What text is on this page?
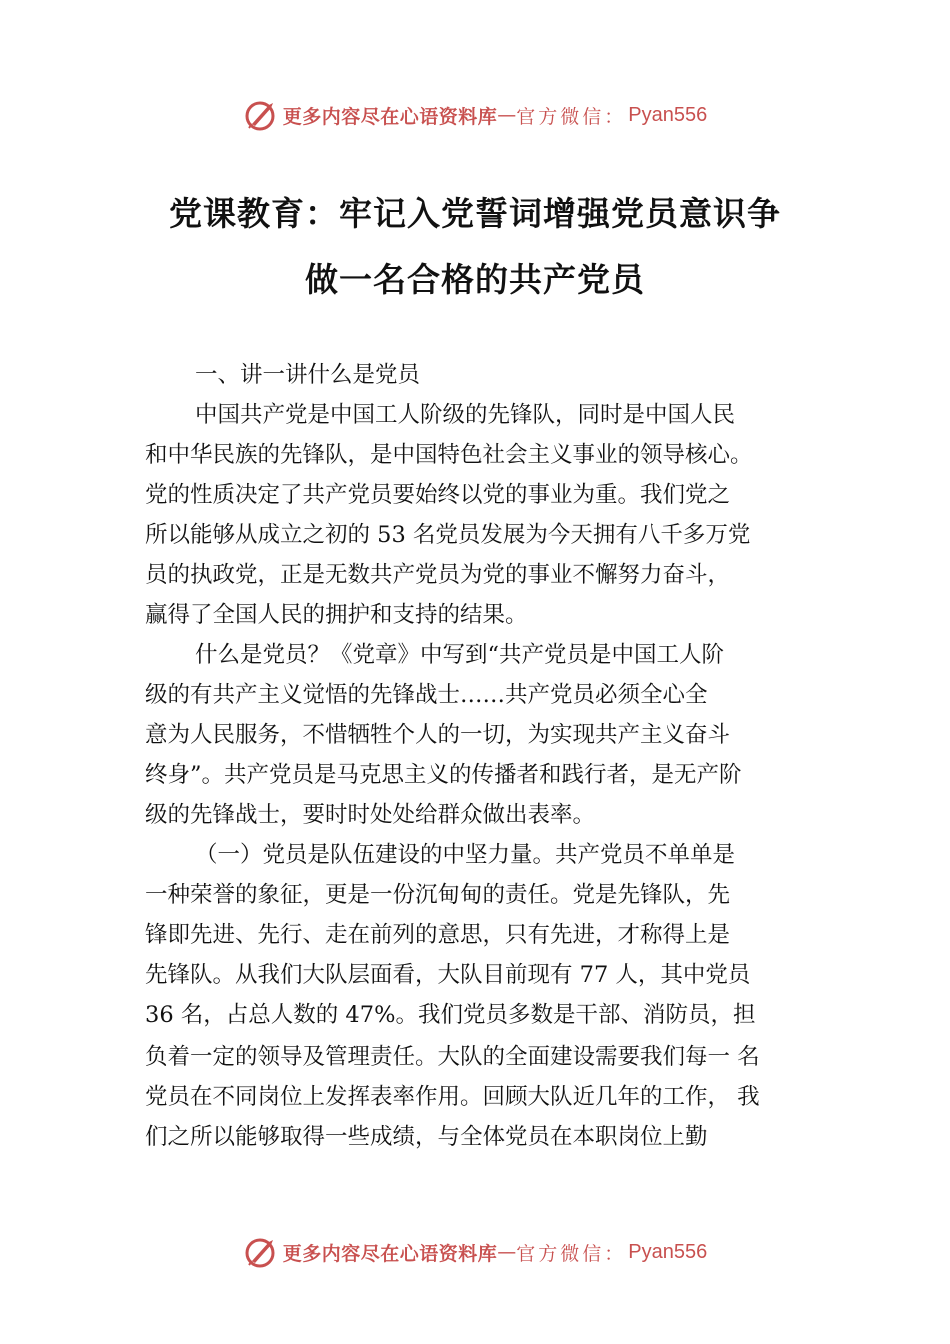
更多内容尽在心语资料库 — 官方微信： Pyan556
党课教育：牢记入党誓词增强党员意识争
做一名合格的共产党员
一、讲一讲什么是党员
中国共产党是中国工人阶级的先锋队，同时是中国人民
和中华民族的先锋队，是中国特色社会主义事业的领导核心。
党的性质决定了共产党员要始终以党的事业为重。我们党之
所以能够从成立之初的 53 名党员发展为今天拥有八千多万党
员的执政党，正是无数共产党员为党的事业不懈努力奋斗，
赢得了全国人民的拥护和支持的结果。
什么是党员？《党章》中写到“共产党员是中国工人阶
级的有共产主义觉悟的先锋战士……共产党员必须全心全
意为人民服务，不惜牺牲个人的一切，为实现共产主义奋斗
终身”。共产党员是马克思主义的传播者和践行者，是无产阶
级的先锋战士，要时时处处给群众做出表率。
（一）党员是队伍建设的中坚力量。共产党员不单单是
一种荣誉的象征，更是一份沉甸甸的责任。党是先锋队，先
锋即先进、先行、走在前列的意思，只有先进，才称得上是
先锋队。从我们大队层面看，大队目前现有 77 人，其中党员
36 名，占总人数的 47%。我们党员多数是干部、消防员，担
负着一定的领导及管理责任。大队的全面建设需要我们每一 名
党员在不同岗位上发挥表率作用。回顾大队近几年的工作， 我
们之所以能够取得一些成绩，与全体党员在本职岗位上勤
更多内容尽在心语资料库 — 官方微信： Pyan556
